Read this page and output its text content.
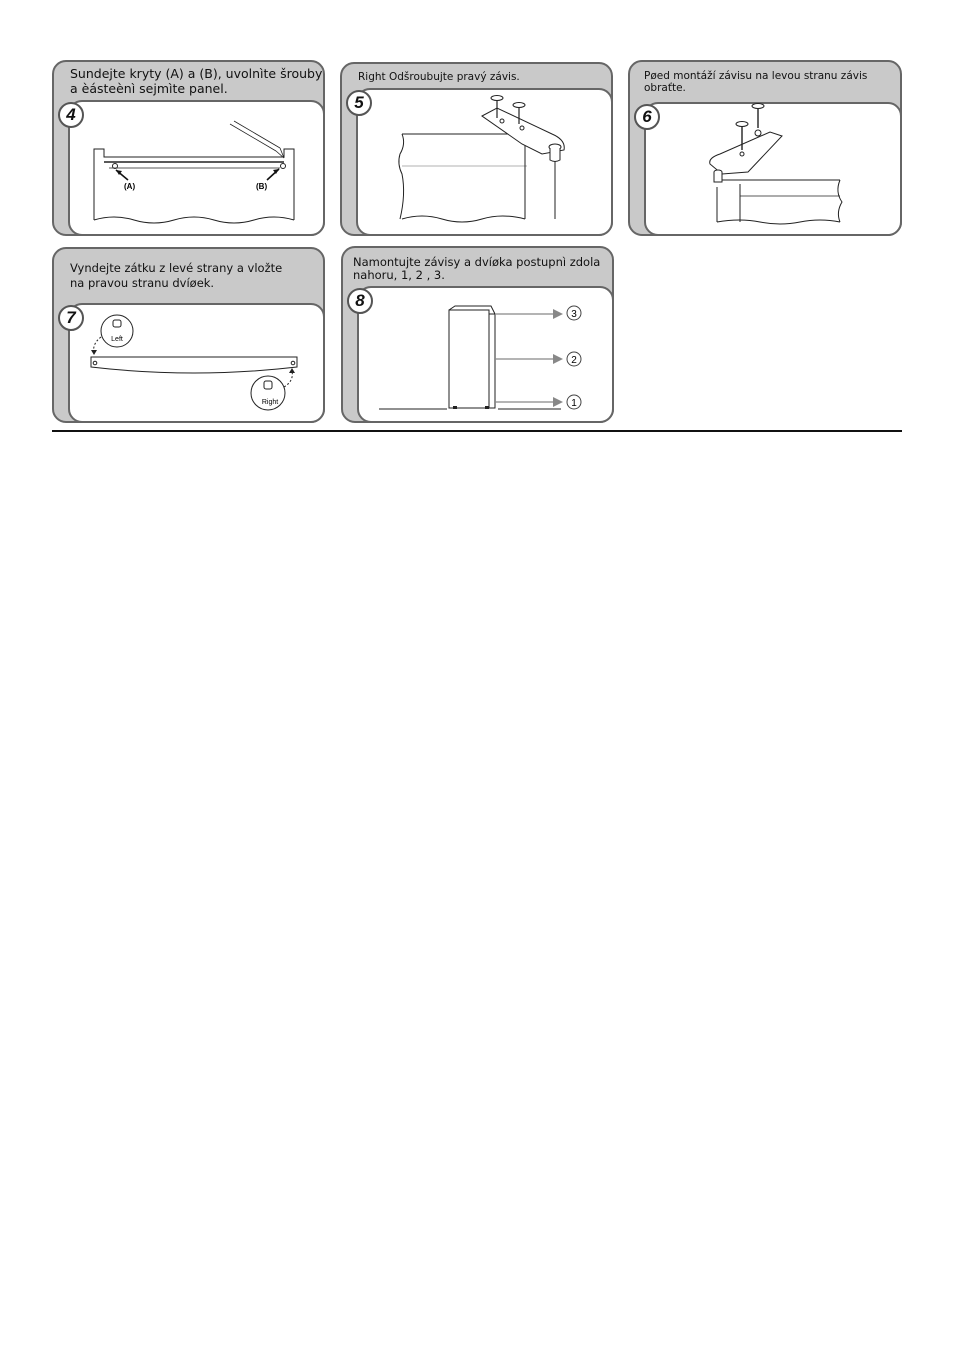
Sundejte kryty (A) a (B), uvolnìte šrouby
a èásteènì sejmìte panel.
4
(A)	(B)
Right Odšroubujte pravý závis.
5
Pøed montáží závisu na levou stranu závis
obraťte.
6
Vyndejte zátku z levé strany a vložte
na pravou stranu dvíøek.
7
Left
Right
Namontujte závisy a dvíøka postupnì zdola
nahoru, 1, 2 , 3.
8
3
2
1
